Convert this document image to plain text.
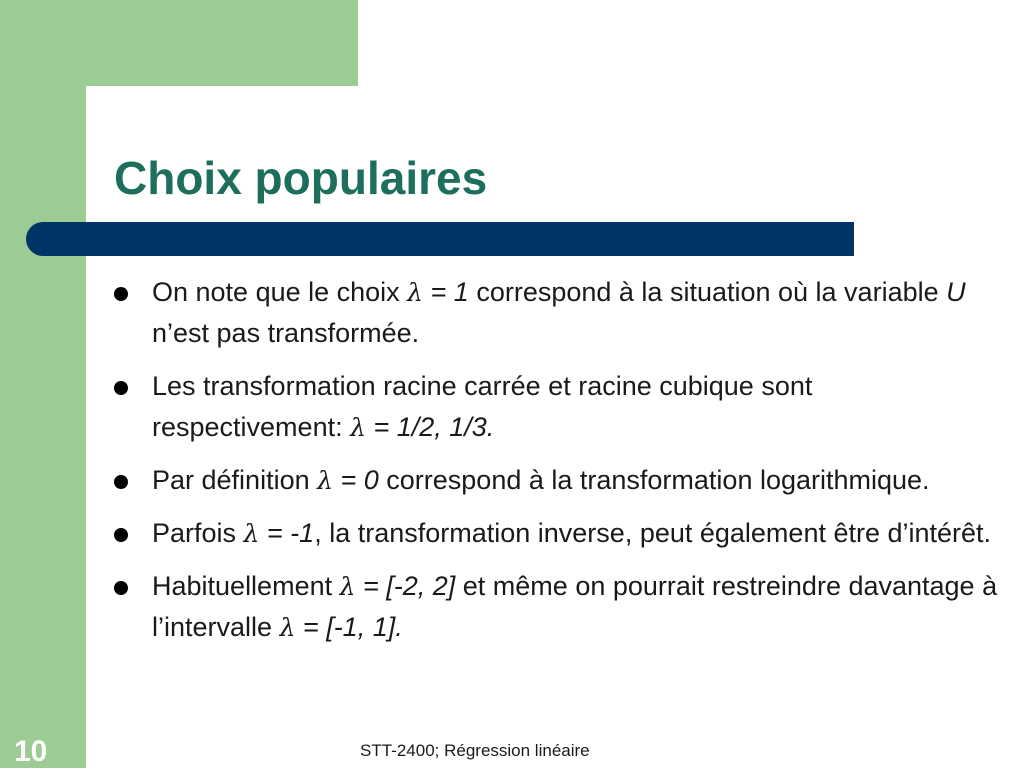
Choix populaires
On note que le choix λ = 1 correspond à la situation où la variable U n’est pas transformée.
Les transformation racine carrée et racine cubique sont respectivement: λ = 1/2, 1/3.
Par définition λ = 0 correspond à la transformation logarithmique.
Parfois λ = -1, la transformation inverse, peut également être d’intérêt.
Habituellement λ = [-2, 2] et même on pourrait restreindre davantage à l’intervalle λ = [-1, 1].
10	STT-2400; Régression linéaire
